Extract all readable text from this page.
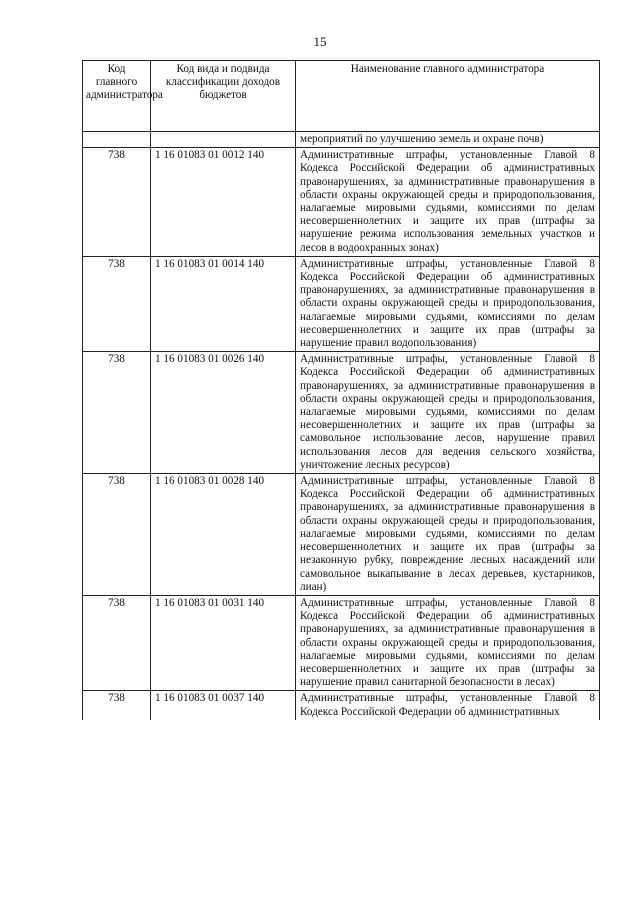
15
Код главного администратора	Код вида и подвида классификации доходов бюджетов	Наименование главного администратора
		мероприятий по улучшению земель и охране почв)
738	1 16 01083 01 0012 140	Административные штрафы, установленные Главой 8 Кодекса Российской Федерации об административных правонарушениях, за административные правонарушения в области охраны окружающей среды и природопользования, налагаемые мировыми судьями, комиссиями по делам несовершеннолетних и защите их прав (штрафы за нарушение режима использования земельных участков и лесов в водоохранных зонах)
738	1 16 01083 01 0014 140	Административные штрафы, установленные Главой 8 Кодекса Российской Федерации об административных правонарушениях, за административные правонарушения в области охраны окружающей среды и природопользования, налагаемые мировыми судьями, комиссиями по делам несовершеннолетних и защите их прав (штрафы за нарушение правил водопользования)
738	1 16 01083 01 0026 140	Административные штрафы, установленные Главой 8 Кодекса Российской Федерации об административных правонарушениях, за административные правонарушения в области охраны окружающей среды и природопользования, налагаемые мировыми судьями, комиссиями по делам несовершеннолетних и защите их прав (штрафы за самовольное использование лесов, нарушение правил использования лесов для ведения сельского хозяйства, уничтожение лесных ресурсов)
738	1 16 01083 01 0028 140	Административные штрафы, установленные Главой 8 Кодекса Российской Федерации об административных правонарушениях, за административные правонарушения в области охраны окружающей среды и природопользования, налагаемые мировыми судьями, комиссиями по делам несовершеннолетних и защите их прав (штрафы за незаконную рубку, повреждение лесных насаждений или самовольное выкапывание в лесах деревьев, кустарников, лиан)
738	1 16 01083 01 0031 140	Административные штрафы, установленные Главой 8 Кодекса Российской Федерации об административных правонарушениях, за административные правонарушения в области охраны окружающей среды и природопользования, налагаемые мировыми судьями, комиссиями по делам несовершеннолетних и защите их прав (штрафы за нарушение правил санитарной безопасности в лесах)
738	1 16 01083 01 0037 140	Административные штрафы, установленные Главой 8 Кодекса Российской Федерации об административных
